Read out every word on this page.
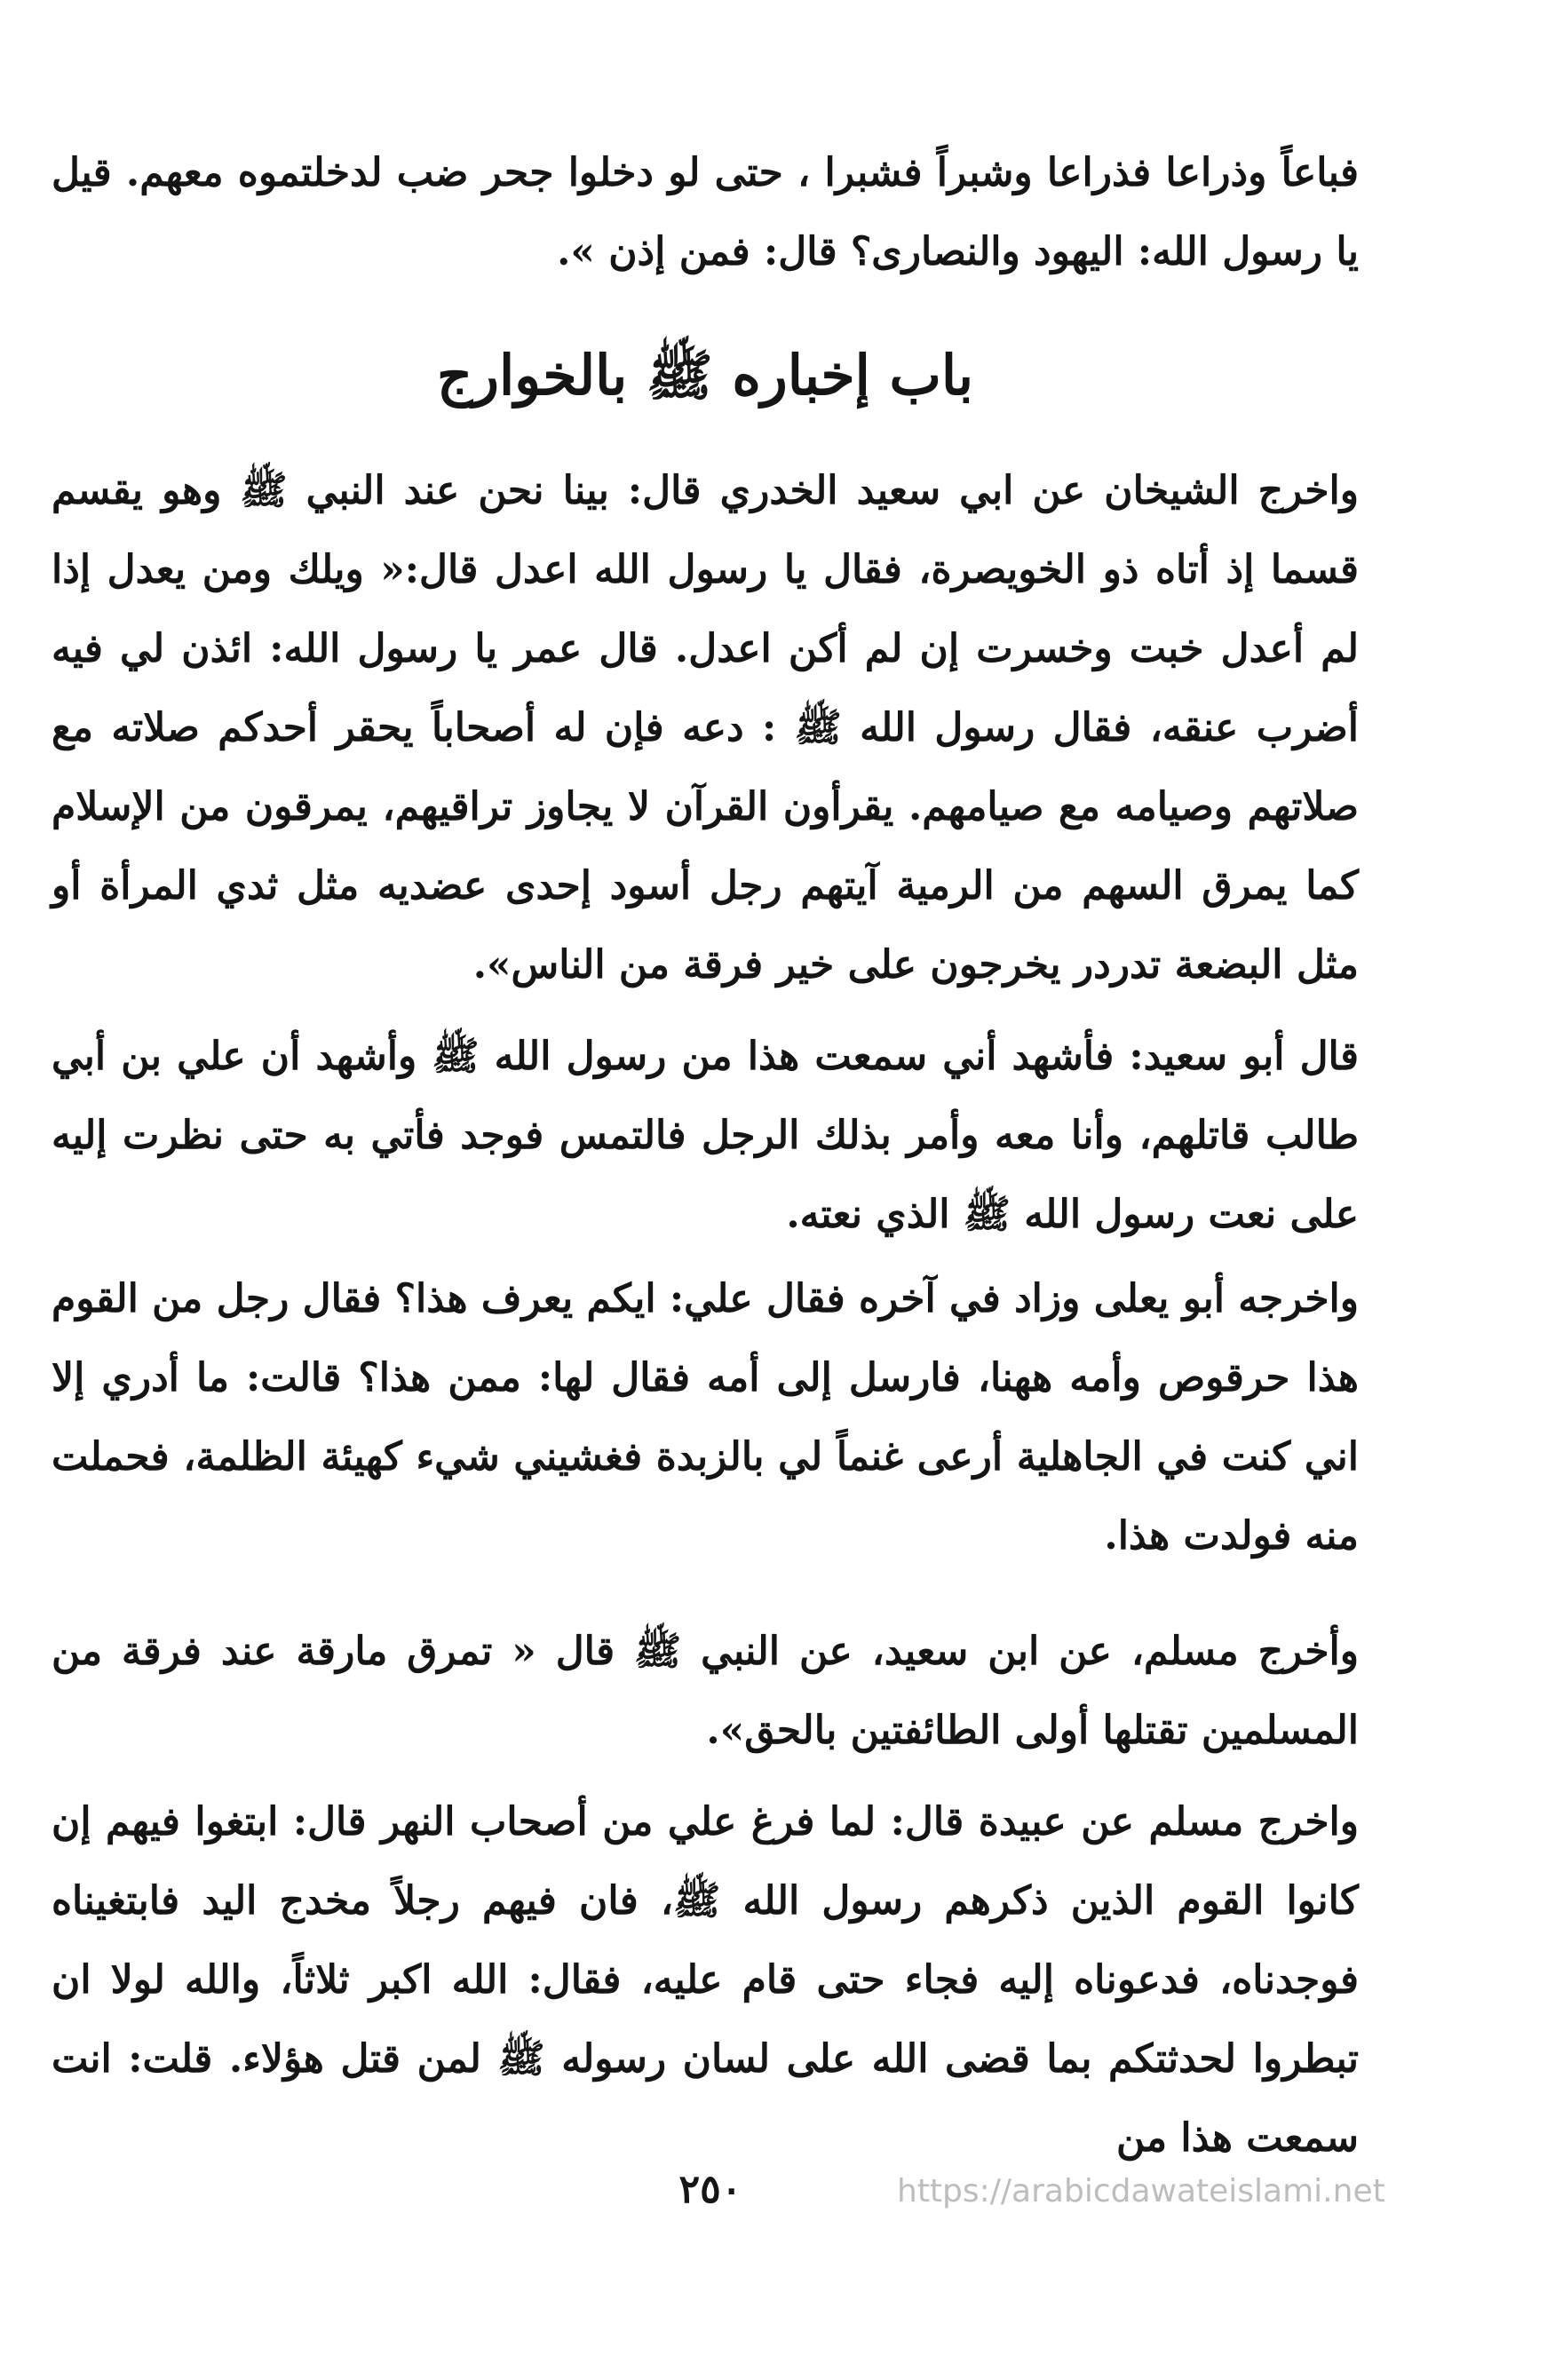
فباعاً وذراعا فذراعا وشبراً فشبرا ، حتى لو دخلوا جحر ضب لدخلتموه معهم. قيل يا رسول الله: اليهود والنصارى؟ قال: فمن إذن ».

باب إخباره ﷺ بالخوارج

واخرج الشيخان عن ابي سعيد الخدري قال: بينا نحن عند النبي ﷺ وهو يقسم قسما إذ أتاه ذو الخويصرة، فقال يا رسول الله اعدل قال:« ويلك ومن يعدل إذا لم أعدل خبت وخسرت إن لم أكن اعدل. قال عمر يا رسول الله: ائذن لي فيه أضرب عنقه، فقال رسول الله ﷺ : دعه فإن له أصحاباً يحقر أحدكم صلاته مع صلاتهم وصيامه مع صيامهم. يقرأون القرآن لا يجاوز تراقيهم، يمرقون من الإسلام كما يمرق السهم من الرمية آيتهم رجل أسود إحدى عضديه مثل ثدي المرأة أو مثل البضعة تدردر يخرجون على خير فرقة من الناس».

قال أبو سعيد: فأشهد أني سمعت هذا من رسول الله ﷺ وأشهد أن علي بن أبي طالب قاتلهم، وأنا معه وأمر بذلك الرجل فالتمس فوجد فأتي به حتى نظرت إليه على نعت رسول الله ﷺ الذي نعته.

واخرجه أبو يعلى وزاد في آخره فقال علي: ايكم يعرف هذا؟ فقال رجل من القوم هذا حرقوص وأمه ههنا، فارسل إلى أمه فقال لها: ممن هذا؟ قالت: ما أدري إلا اني كنت في الجاهلية أرعى غنماً لي بالزبدة فغشيني شيء كهيئة الظلمة، فحملت منه فولدت هذا.

وأخرج مسلم، عن ابن سعيد، عن النبي ﷺ قال « تمرق مارقة عند فرقة من المسلمين تقتلها أولى الطائفتين بالحق».

واخرج مسلم عن عبيدة قال: لما فرغ علي من أصحاب النهر قال: ابتغوا فيهم إن كانوا القوم الذين ذكرهم رسول الله ﷺ، فان فيهم رجلاً مخدج اليد فابتغيناه فوجدناه، فدعوناه إليه فجاء حتى قام عليه، فقال: الله اكبر ثلاثاً، والله لولا ان تبطروا لحدثتكم بما قضى الله على لسان رسوله ﷺ لمن قتل هؤلاء. قلت: انت سمعت هذا من

٢٥٠	https://arabicdawateislami.net
